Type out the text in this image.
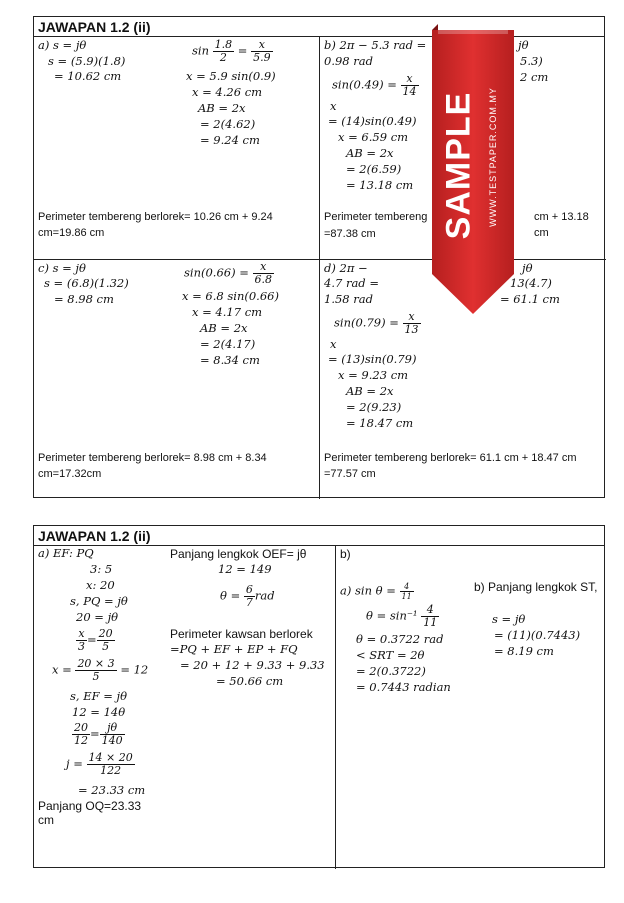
JAWAPAN 1.2 (ii)
a) s = jθ
s = (5.9)(1.8)
= 10.62 cm
$\sin \frac{1.8}{2} = \frac{x}{5.9}$
x = 5.9 sin(0.9)
x = 4.26 cm
AB = 2x
= 2(4.62)
= 9.24 cm
Perimeter tembereng berlorek= 10.26 cm + 9.24 cm=19.86 cm
b) 2π − 5.3 rad =
0.98 rad
jθ
5.3)
2 cm
$\sin(0.49) = \frac{x}{14}$
x
= (14)sin(0.49)
x = 6.59 cm
AB = 2x
= 2(6.59)
= 13.18 cm
Perimeter tembereng	cm + 13.18 cm
=87.38 cm
c) s = jθ
s = (6.8)(1.32)
= 8.98 cm
$\sin(0.66) = \frac{x}{6.8}$
x = 6.8 sin(0.66)
x = 4.17 cm
AB = 2x
= 2(4.17)
= 8.34 cm
Perimeter tembereng berlorek= 8.98 cm + 8.34 cm=17.32cm
d) 2π −
4.7 rad =
1.58 rad
jθ
13(4.7)
= 61.1 cm
$\sin(0.79) = \frac{x}{13}$
x
= (13)sin(0.79)
x = 9.23 cm
AB = 2x
= 2(9.23)
= 18.47 cm
Perimeter tembereng berlorek= 61.1 cm + 18.47 cm =77.57 cm
JAWAPAN 1.2 (ii)
a) EF: PQ
3: 5
x: 20
s, PQ = jθ
20 = jθ
$\frac{x}{3} = \frac{20}{5}$
$x = \frac{20 \times 3}{5} = 12$
s, EF = jθ
12 = 14θ
$\frac{20}{12} = \frac{j\theta}{140}$
$j = \frac{14 \times 20}{122}$
= 23.33 cm
Panjang OQ=23.33 cm
Panjang lengkok OEF= jθ
12 = 149
$\theta = \frac{6}{7}$ rad
Perimeter kawsan berlorek
=PQ + EF + EP + FQ
= 20 + 12 + 9.33 + 9.33
= 50.66 cm
b)
a) $\sin \theta = \frac{4}{11}$
$\theta = \sin^{-1} \frac{4}{11}$
θ = 0.3722 rad
< SRT = 2θ
= 2(0.3722)
= 0.7443 radian
b) Panjang lengkok ST,
s = jθ
= (11)(0.7443)
= 8.19 cm
SAMPLE WWW.TESTPAPER.COM.MY
